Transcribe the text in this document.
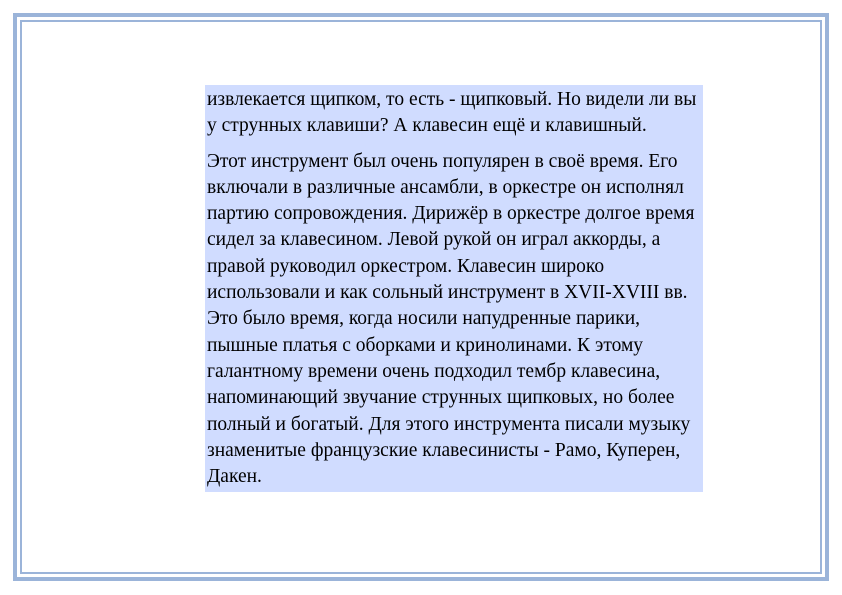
извлекается щипком, то есть - щипковый. Но видели ли вы у струнных клавиши? А клавесин ещё и клавишный.

Этот инструмент был очень популярен в своё время. Его включали в различные ансамбли, в оркестре он исполнял партию сопровождения. Дирижёр в оркестре долгое время сидел за клавесином. Левой рукой он играл аккорды, а правой руководил оркестром. Клавесин широко использовали и как сольный инструмент в XVII-XVIII вв. Это было время, когда носили напудренные парики, пышные платья с оборками и кринолинами. К этому галантному времени очень подходил тембр клавесина, напоминающий звучание струнных щипковых, но более полный и богатый. Для этого инструмента писали музыку знаменитые французские клавесинисты - Рамо, Куперен, Дакен.
